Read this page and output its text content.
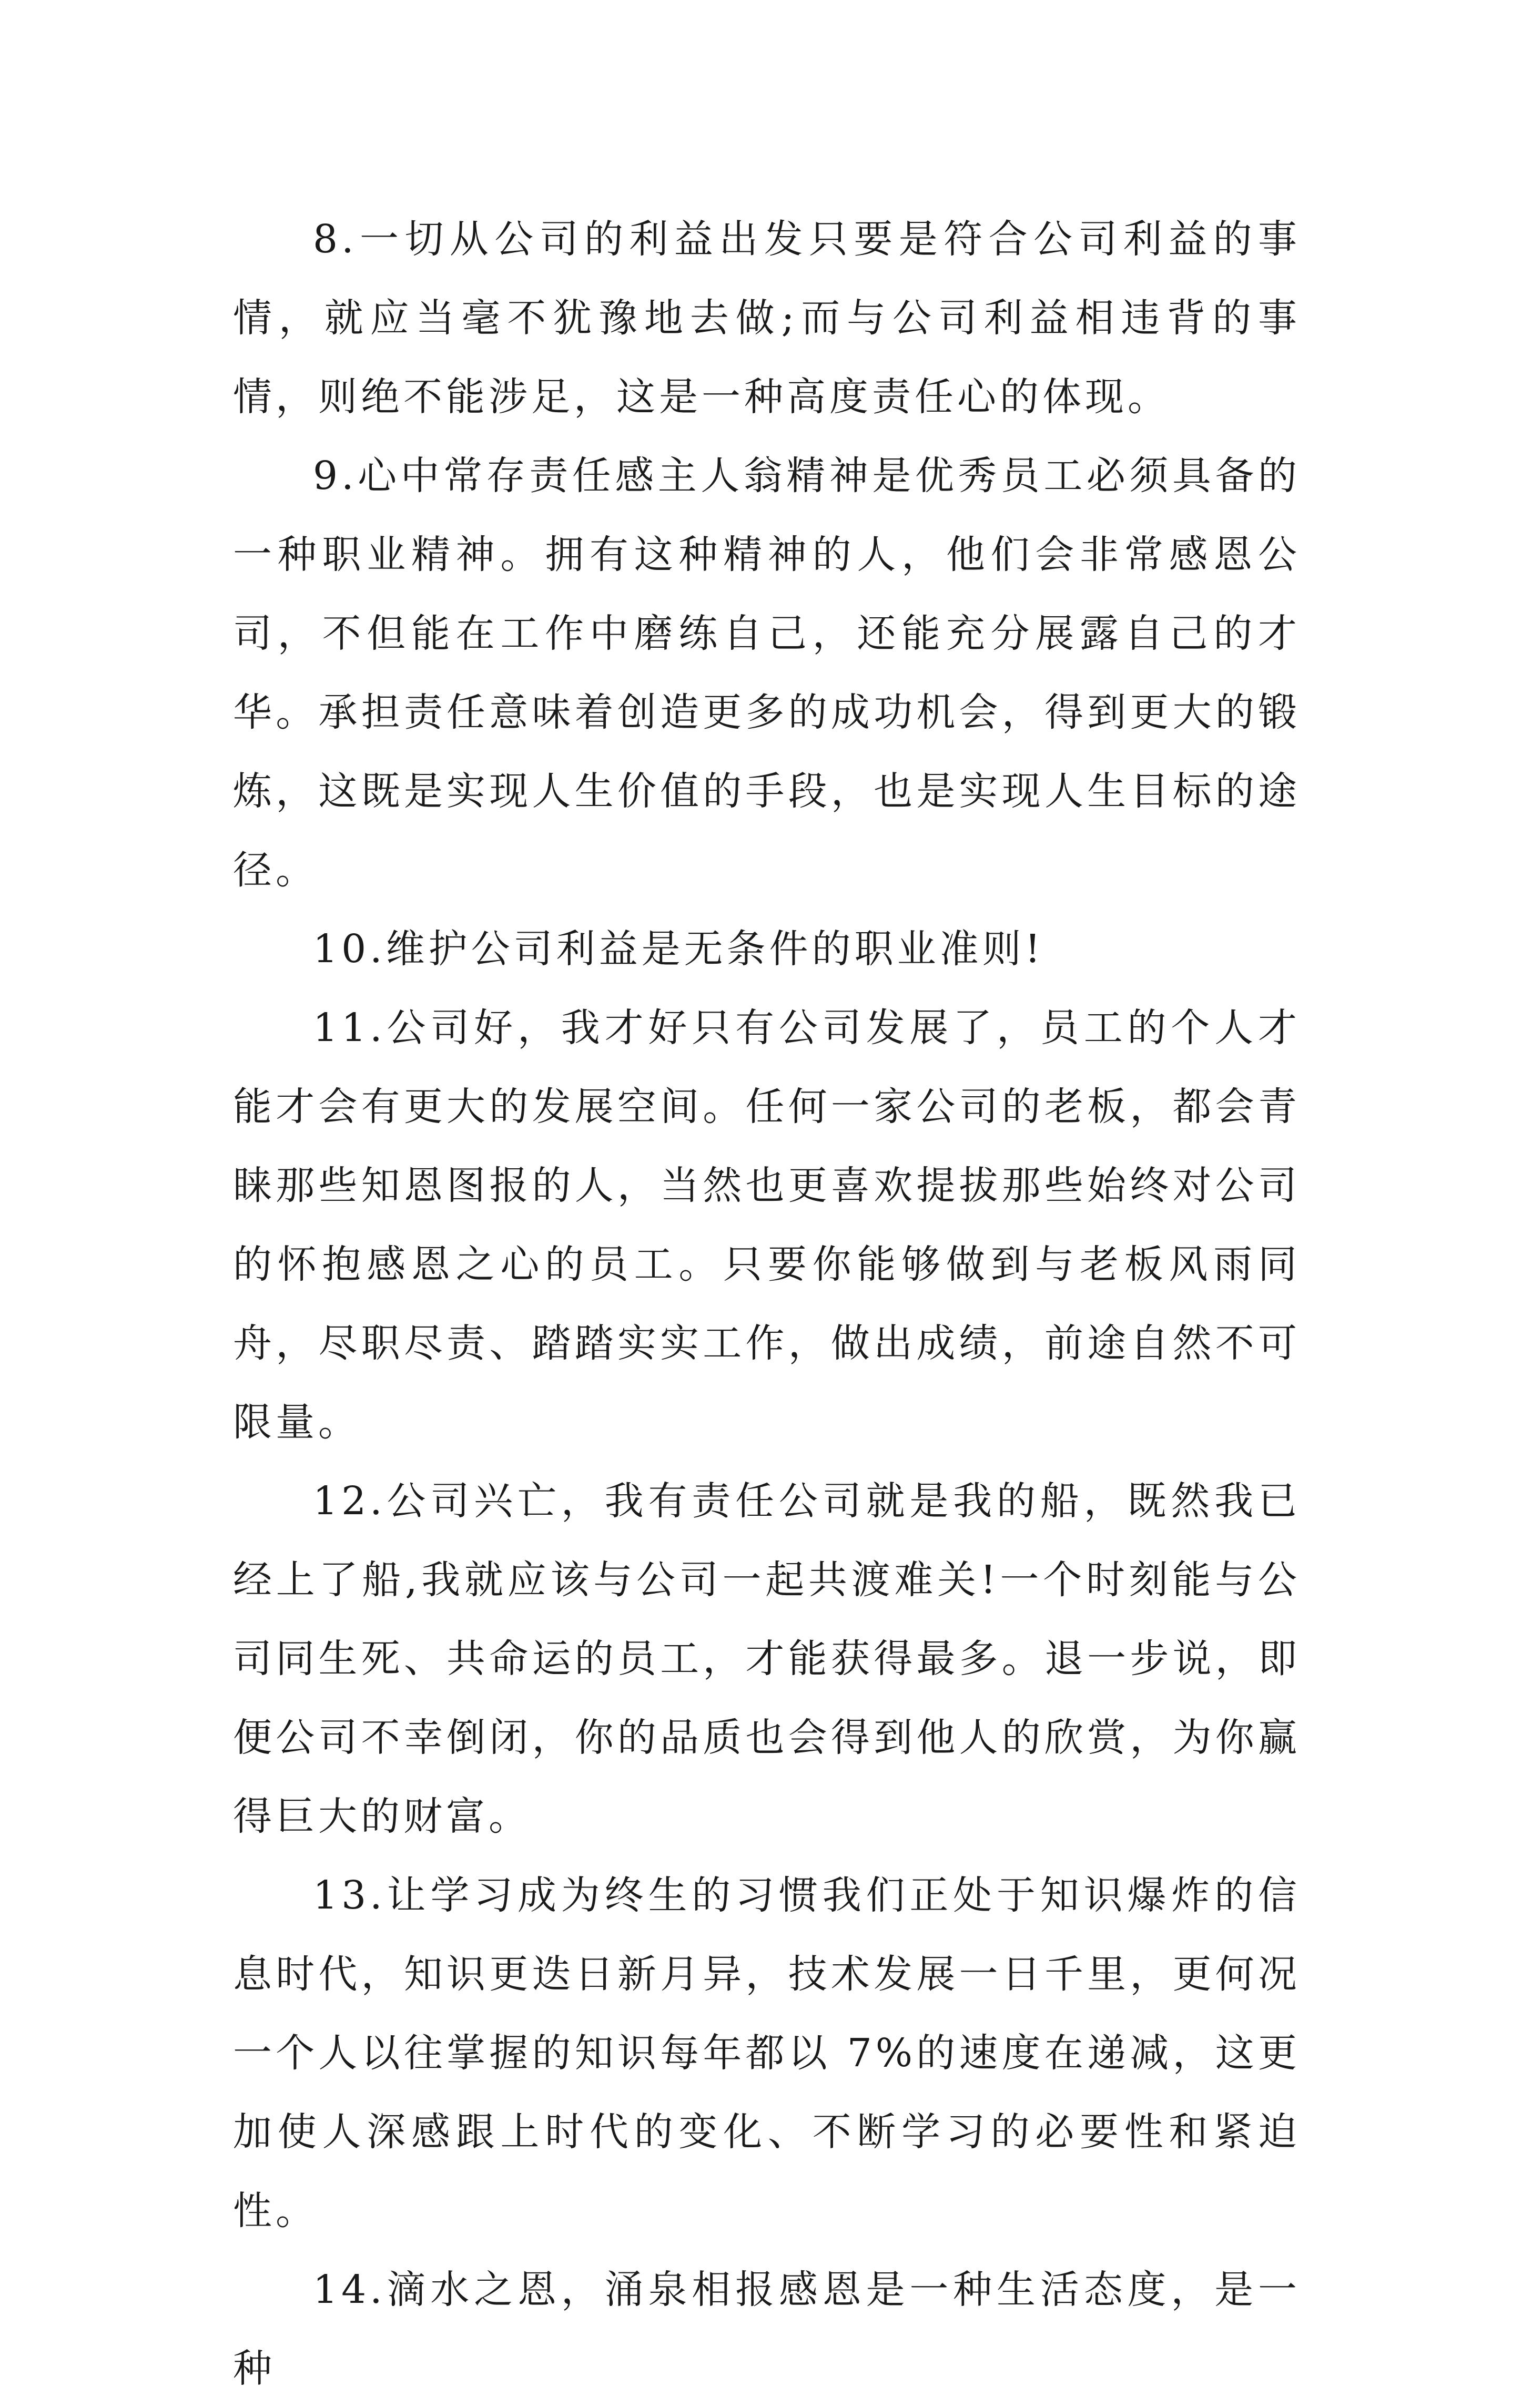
8.一切从公司的利益出发只要是符合公司利益的事情，就应当毫不犹豫地去做;而与公司利益相违背的事情，则绝不能涉足，这是一种高度责任心的体现。

9.心中常存责任感主人翁精神是优秀员工必须具备的一种职业精神。拥有这种精神的人，他们会非常感恩公司，不但能在工作中磨练自己，还能充分展露自己的才华。承担责任意味着创造更多的成功机会，得到更大的锻炼，这既是实现人生价值的手段，也是实现人生目标的途径。

10.维护公司利益是无条件的职业准则!

11.公司好，我才好只有公司发展了，员工的个人才能才会有更大的发展空间。任何一家公司的老板，都会青睐那些知恩图报的人，当然也更喜欢提拔那些始终对公司的怀抱感恩之心的员工。只要你能够做到与老板风雨同舟，尽职尽责、踏踏实实工作，做出成绩，前途自然不可限量。

12.公司兴亡，我有责任公司就是我的船，既然我已经上了船,我就应该与公司一起共渡难关!一个时刻能与公司同生死、共命运的员工，才能获得最多。退一步说，即便公司不幸倒闭，你的品质也会得到他人的欣赏，为你赢得巨大的财富。

13.让学习成为终生的习惯我们正处于知识爆炸的信息时代，知识更迭日新月异，技术发展一日千里，更何况一个人以往掌握的知识每年都以 7%的速度在递减，这更加使人深感跟上时代的变化、不断学习的必要性和紧迫性。

14.滴水之恩，涌泉相报感恩是一种生活态度，是一种
